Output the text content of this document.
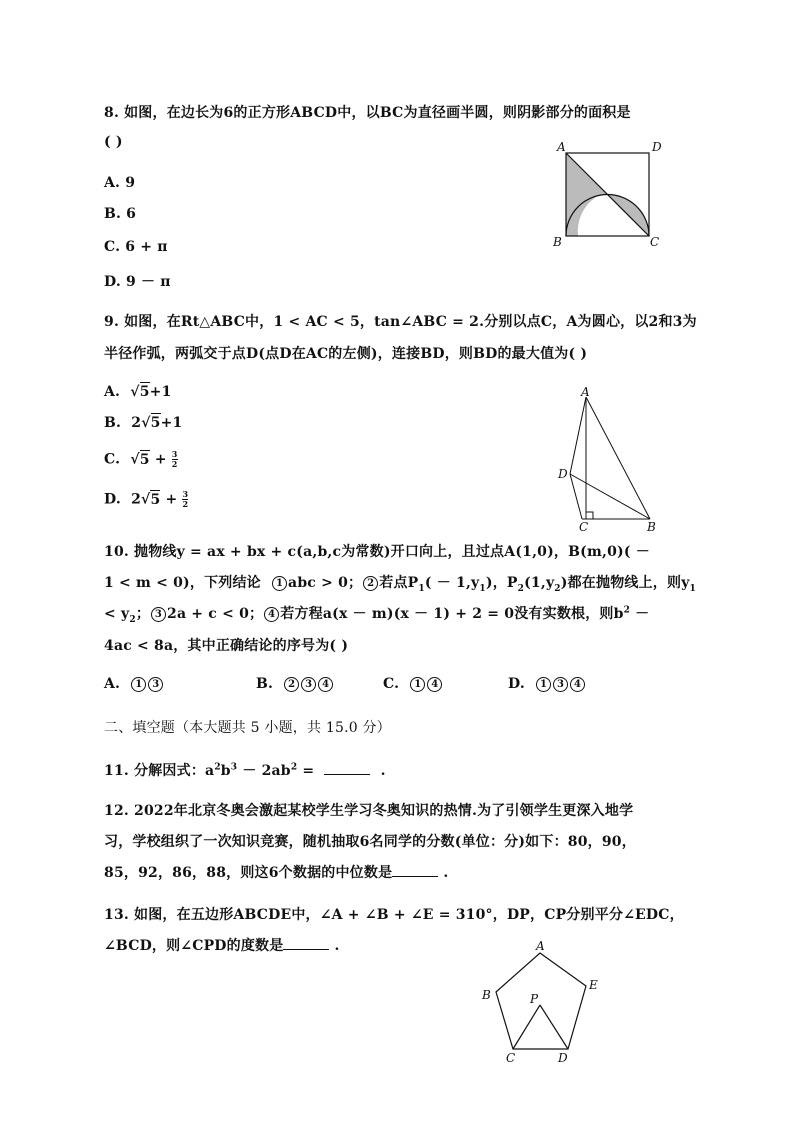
8. 如图，在边长为6的正方形ABCD中，以BC为直径画半圆，则阴影部分的面积是
( )
A. 9
B. 6
C. 6 + π
D. 9 － π
A	D
B	C
9. 如图，在Rt△ABC中，1 < AC < 5，tan∠ABC = 2.分别以点C，A为圆心，以2和3为
半径作弧，两弧交于点D(点D在AC的左侧)，连接BD，则BD的最大值为( )
A.  √5+1
B. 2√5+1
C.  $√5 + \frac{3}{2}$
D. $2√5 + \frac{3}{2}$
A
D
C	B
10. 抛物线y = ax + bx + c(a,b,c为常数)开口向上，且过点A(1,0)，B(m,0)( －
1 < m < 0)，下列结论 1 abc > 0； 2 若点$P_1( - 1,y_1)$，$P_2(1,y_2)$都在抛物线上，则$y_1$
< $y_2$； 3 2a + c < 0； 4 若方程a(x － m)(x － 1) + 2 = 0没有实数根，则$b^2$ －
4ac < 8a，其中正确结论的序号为( )
A. 1 3	B. 2 3 4	C. 1 4	D. 1 3 4
二、填空题（本大题共 5 小题，共 15.0 分）
11. 分解因式：$a^2b^3 - 2ab^2$ =	.
12. 2022年北京冬奥会激起某校学生学习冬奥知识的热情.为了引领学生更深入地学
习，学校组织了一次知识竞赛，随机抽取6名同学的分数(单位：分)如下：80，90，
85，92，86，88，则这6个数据的中位数是	.
13. 如图，在五边形ABCDE中，∠A + ∠B + ∠E = 310°，DP，CP分别平分∠EDC，
∠BCD，则∠CPD的度数是	.	A
E
B	P
C	D
